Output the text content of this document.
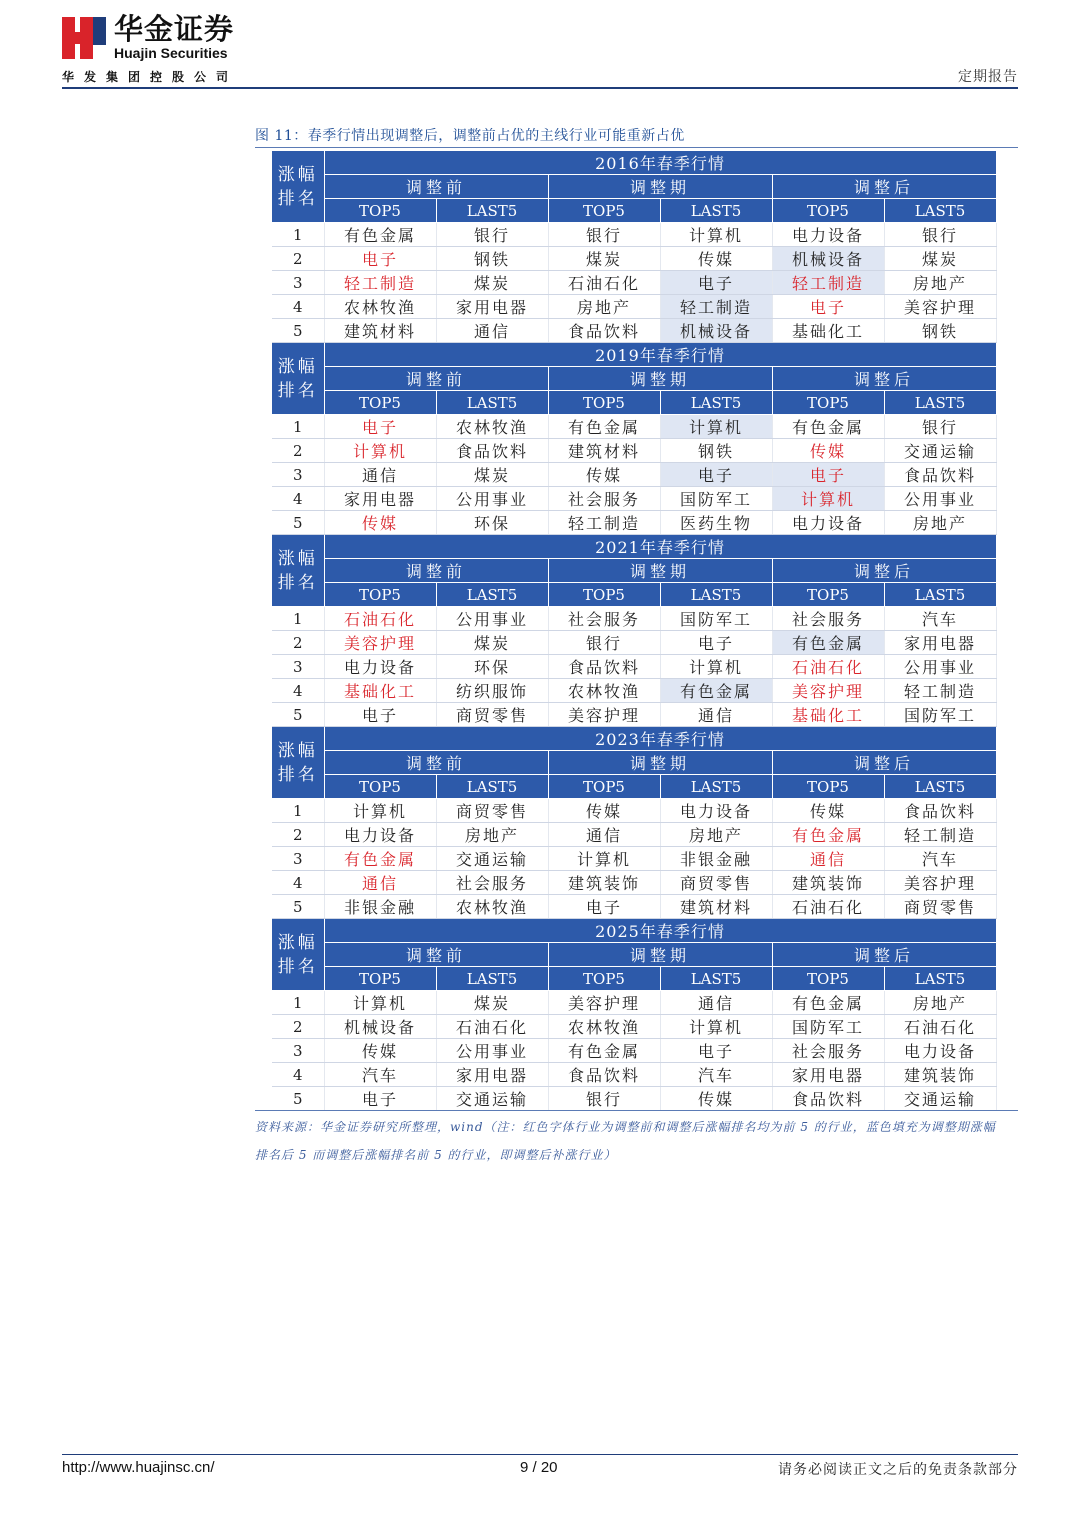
华金证券
Huajin Securities
华发集团控股公司	定期报告
图 11：春季行情出现调整后，调整前占优的主线行业可能重新占优
涨幅排名	2016年春季行情					
	调整前		调整期		调整后	
	TOP5	LAST5	TOP5	LAST5	TOP5	LAST5
1	有色金属	银行	银行	计算机	电力设备	银行
2	电子	钢铁	煤炭	传媒	机械设备	煤炭
3	轻工制造	煤炭	石油石化	电子	轻工制造	房地产
4	农林牧渔	家用电器	房地产	轻工制造	电子	美容护理
5	建筑材料	通信	食品饮料	机械设备	基础化工	钢铁
涨幅排名	2019年春季行情					
	调整前		调整期		调整后	
	TOP5	LAST5	TOP5	LAST5	TOP5	LAST5
1	电子	农林牧渔	有色金属	计算机	有色金属	银行
2	计算机	食品饮料	建筑材料	钢铁	传媒	交通运输
3	通信	煤炭	传媒	电子	电子	食品饮料
4	家用电器	公用事业	社会服务	国防军工	计算机	公用事业
5	传媒	环保	轻工制造	医药生物	电力设备	房地产
涨幅排名	2021年春季行情					
	调整前		调整期		调整后	
	TOP5	LAST5	TOP5	LAST5	TOP5	LAST5
1	石油石化	公用事业	社会服务	国防军工	社会服务	汽车
2	美容护理	煤炭	银行	电子	有色金属	家用电器
3	电力设备	环保	食品饮料	计算机	石油石化	公用事业
4	基础化工	纺织服饰	农林牧渔	有色金属	美容护理	轻工制造
5	电子	商贸零售	美容护理	通信	基础化工	国防军工
涨幅排名	2023年春季行情					
	调整前		调整期		调整后	
	TOP5	LAST5	TOP5	LAST5	TOP5	LAST5
1	计算机	商贸零售	传媒	电力设备	传媒	食品饮料
2	电力设备	房地产	通信	房地产	有色金属	轻工制造
3	有色金属	交通运输	计算机	非银金融	通信	汽车
4	通信	社会服务	建筑装饰	商贸零售	建筑装饰	美容护理
5	非银金融	农林牧渔	电子	建筑材料	石油石化	商贸零售
涨幅排名	2025年春季行情					
	调整前		调整期		调整后	
	TOP5	LAST5	TOP5	LAST5	TOP5	LAST5
1	计算机	煤炭	美容护理	通信	有色金属	房地产
2	机械设备	石油石化	农林牧渔	计算机	国防军工	石油石化
3	传媒	公用事业	有色金属	电子	社会服务	电力设备
4	汽车	家用电器	食品饮料	汽车	家用电器	建筑装饰
5	电子	交通运输	银行	传媒	食品饮料	交通运输
资料来源：华金证券研究所整理，wind（注：红色字体行业为调整前和调整后涨幅排名均为前 5 的行业，蓝色填充为调整期涨幅
排名后 5 而调整后涨幅排名前 5 的行业，即调整后补涨行业）
http://www.huajinsc.cn/	9 / 20	请务必阅读正文之后的免责条款部分
